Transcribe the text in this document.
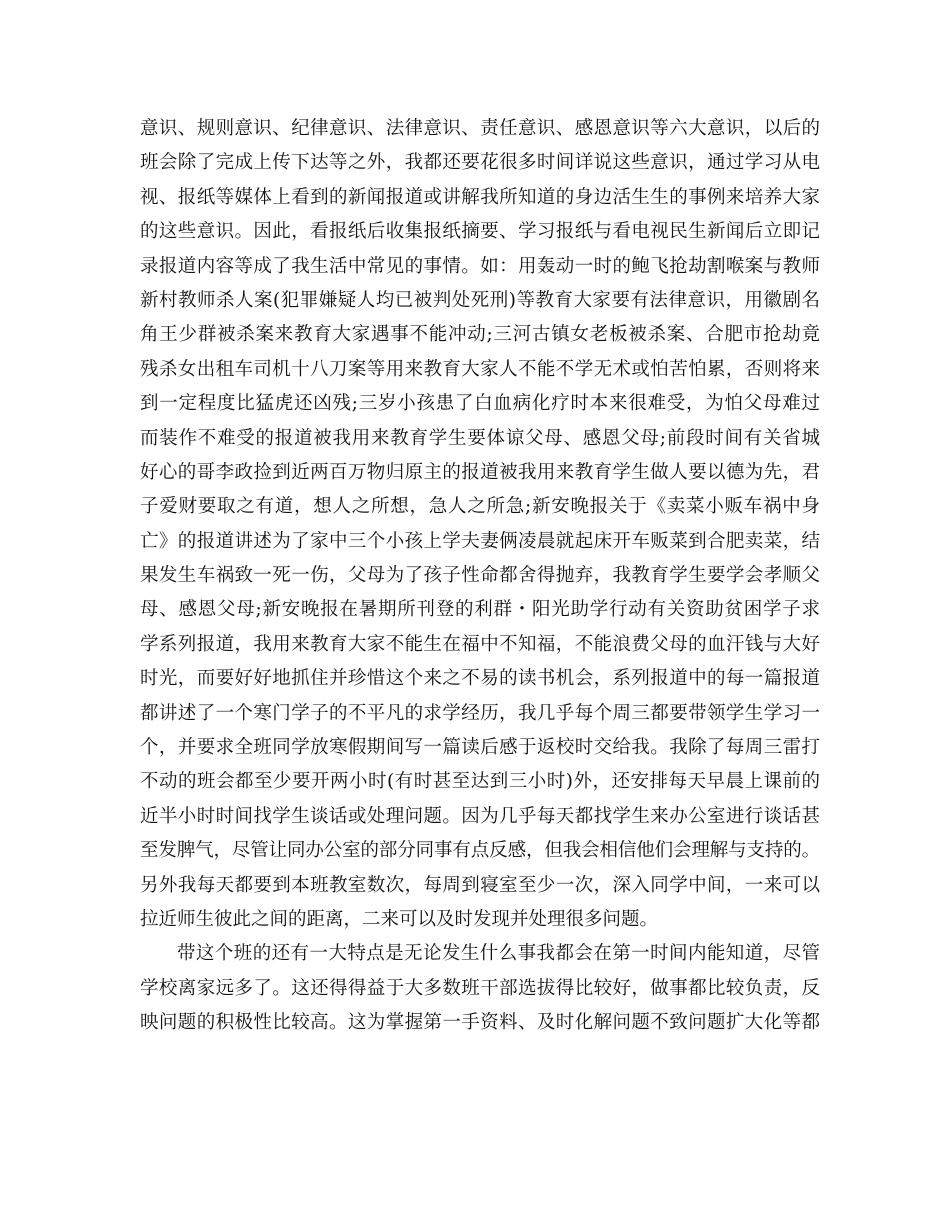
意识、规则意识、纪律意识、法律意识、责任意识、感恩意识等六大意识，以后的
班会除了完成上传下达等之外，我都还要花很多时间详说这些意识，通过学习从电
视、报纸等媒体上看到的新闻报道或讲解我所知道的身边活生生的事例来培养大家
的这些意识。因此，看报纸后收集报纸摘要、学习报纸与看电视民生新闻后立即记
录报道内容等成了我生活中常见的事情。如：用轰动一时的鲍飞抢劫割喉案与教师
新村教师杀人案(犯罪嫌疑人均已被判处死刑)等教育大家要有法律意识，用徽剧名
角王少群被杀案来教育大家遇事不能冲动;三河古镇女老板被杀案、合肥市抢劫竟
残杀女出租车司机十八刀案等用来教育大家人不能不学无术或怕苦怕累，否则将来
到一定程度比猛虎还凶残;三岁小孩患了白血病化疗时本来很难受，为怕父母难过
而装作不难受的报道被我用来教育学生要体谅父母、感恩父母;前段时间有关省城
好心的哥李政捡到近两百万物归原主的报道被我用来教育学生做人要以德为先，君
子爱财要取之有道，想人之所想，急人之所急;新安晚报关于《卖菜小贩车祸中身
亡》的报道讲述为了家中三个小孩上学夫妻俩凌晨就起床开车贩菜到合肥卖菜，结
果发生车祸致一死一伤，父母为了孩子性命都舍得抛弃，我教育学生要学会孝顺父
母、感恩父母;新安晚报在暑期所刊登的利群・阳光助学行动有关资助贫困学子求
学系列报道，我用来教育大家不能生在福中不知福，不能浪费父母的血汗钱与大好
时光，而要好好地抓住并珍惜这个来之不易的读书机会，系列报道中的每一篇报道
都讲述了一个寒门学子的不平凡的求学经历，我几乎每个周三都要带领学生学习一
个，并要求全班同学放寒假期间写一篇读后感于返校时交给我。我除了每周三雷打
不动的班会都至少要开两小时(有时甚至达到三小时)外，还安排每天早晨上课前的
近半小时时间找学生谈话或处理问题。因为几乎每天都找学生来办公室进行谈话甚
至发脾气，尽管让同办公室的部分同事有点反感，但我会相信他们会理解与支持的。
另外我每天都要到本班教室数次，每周到寝室至少一次，深入同学中间，一来可以
拉近师生彼此之间的距离，二来可以及时发现并处理很多问题。
带这个班的还有一大特点是无论发生什么事我都会在第一时间内能知道，尽管
学校离家远多了。这还得得益于大多数班干部选拔得比较好，做事都比较负责，反
映问题的积极性比较高。这为掌握第一手资料、及时化解问题不致问题扩大化等都
